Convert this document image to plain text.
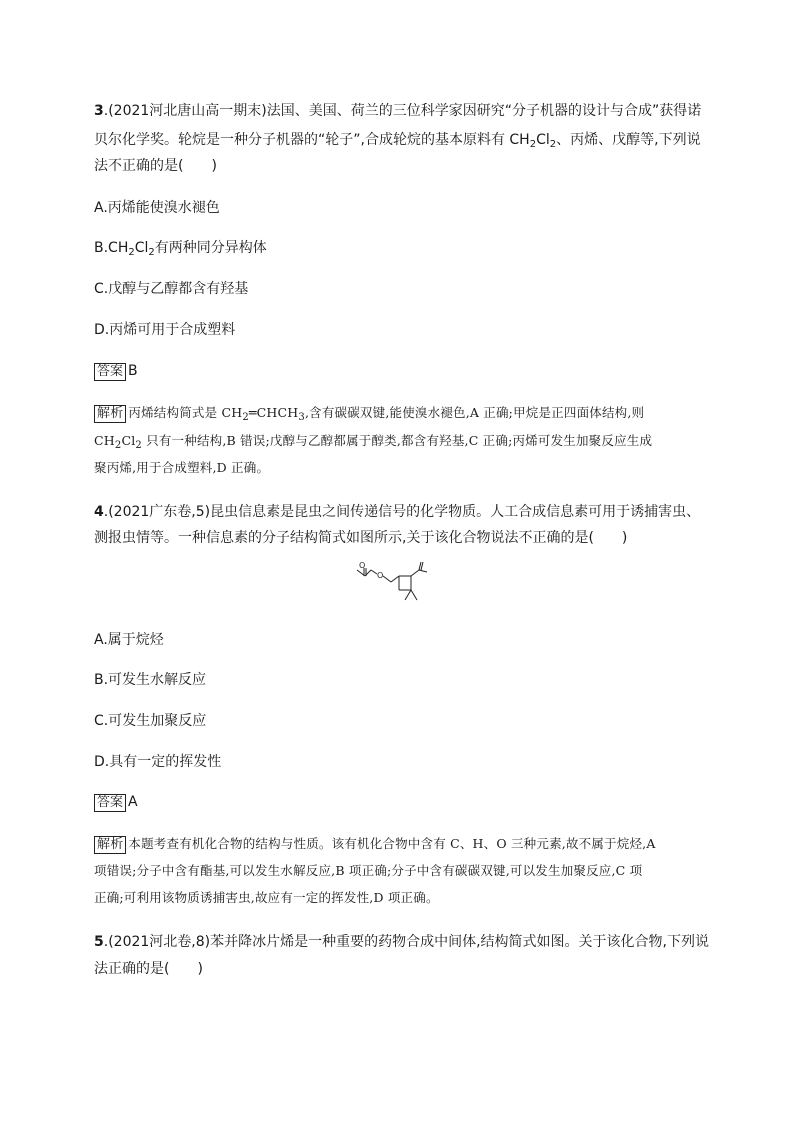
3.(2021河北唐山高一期末)法国、美国、荷兰的三位科学家因研究“分子机器的设计与合成”获得诺
贝尔化学奖。轮烷是一种分子机器的“轮子”,合成轮烷的基本原料有 $CH_2Cl_2$、丙烯、戊醇等,下列说
法不正确的是(　　)
A.丙烯能使溴水褪色
$B.CH_2Cl_2$有两种同分异构体
C.戊醇与乙醇都含有羟基
D.丙烯可用于合成塑料
答案 B
解析 丙烯结构简式是 $CH_2═CHCH_3$,含有碳碳双键,能使溴水褪色,A 正确;甲烷是正四面体结构,则
$CH_2Cl_2$ 只有一种结构,B 错误;戊醇与乙醇都属于醇类,都含有羟基,C 正确;丙烯可发生加聚反应生成
聚丙烯,用于合成塑料,D 正确。
4.(2021广东卷,5)昆虫信息素是昆虫之间传递信号的化学物质。人工合成信息素可用于诱捕害虫、
测报虫情等。一种信息素的分子结构简式如图所示,关于该化合物说法不正确的是(　　)
O
O
A.属于烷烃
B.可发生水解反应
C.可发生加聚反应
D.具有一定的挥发性
答案 A
解析 本题考查有机化合物的结构与性质。该有机化合物中含有 C、H、O 三种元素,故不属于烷烃,A
项错误;分子中含有酯基,可以发生水解反应,B 项正确;分子中含有碳碳双键,可以发生加聚反应,C 项
正确;可利用该物质诱捕害虫,故应有一定的挥发性,D 项正确。
5.(2021河北卷,8)苯并降冰片烯是一种重要的药物合成中间体,结构简式如图。关于该化合物,下列说
法正确的是(　　)
